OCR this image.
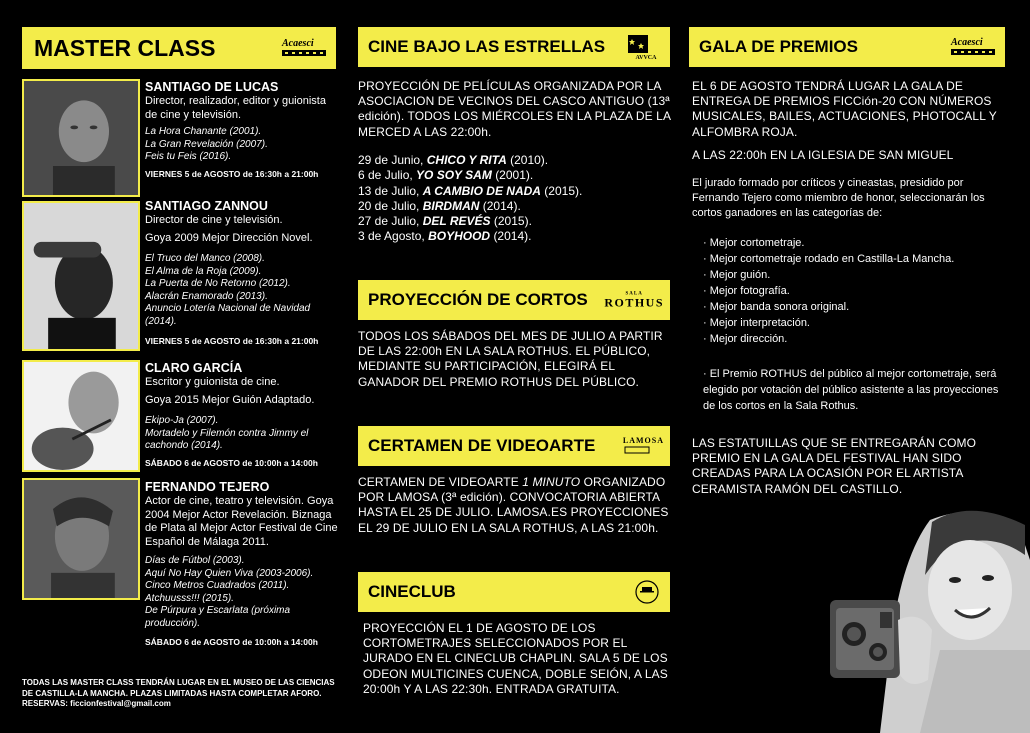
MASTER CLASS	Acaesci
SANTIAGO DE LUCAS
Director, realizador, editor y guionista de cine y televisión.
La Hora Chanante (2001).
La Gran Revelación (2007).
Feis tu Feis (2016).
VIERNES 5 de AGOSTO de 16:30h a 21:00h
SANTIAGO ZANNOU
Director de cine y televisión.
Goya 2009 Mejor Dirección Novel.
El Truco del Manco (2008).
El Alma de la Roja (2009).
La Puerta de No Retorno (2012).
Alacrán Enamorado (2013).
Anuncio Lotería Nacional de Navidad (2014).
VIERNES 5 de AGOSTO de 16:30h a 21:00h
CLARO GARCÍA
Escritor y guionista de cine.
Goya 2015 Mejor Guión Adaptado.
Ekipo-Ja (2007).
Mortadelo y Filemón contra Jimmy el cachondo (2014).
SÁBADO 6 de AGOSTO de 10:00h a 14:00h
FERNANDO TEJERO
Actor de cine, teatro y televisión. Goya 2004 Mejor Actor Revelación. Biznaga de Plata al Mejor Actor Festival de Cine Español de Málaga 2011.
Días de Fútbol (2003).
Aquí No Hay Quien Viva (2003-2006).
Cinco Metros Cuadrados (2011).
Atchuusss!!! (2015).
De Púrpura y Escarlata (próxima producción).
SÁBADO 6 de AGOSTO de 10:00h a 14:00h
TODAS LAS MASTER CLASS TENDRÁN LUGAR EN EL MUSEO DE LAS CIENCIAS DE CASTILLA-LA MANCHA. PLAZAS LIMITADAS HASTA COMPLETAR AFORO. RESERVAS: ficcionfestival@gmail.com
CINE BAJO LAS ESTRELLAS
AVVCA
PROYECCIÓN DE PELÍCULAS ORGANIZADA POR LA ASOCIACION DE VECINOS DEL CASCO ANTIGUO (13ª edición). TODOS LOS MIÉRCOLES EN LA PLAZA DE LA MERCED A LAS 22:00h.
29 de Junio, CHICO Y RITA (2010).
6 de Julio, YO SOY SAM (2001).
13 de Julio, A CAMBIO DE NADA (2015).
20 de Julio, BIRDMAN (2014).
27 de Julio, DEL REVÉS (2015).
3 de Agosto, BOYHOOD (2014).
PROYECCIÓN DE CORTOS	SALA
ROTHUS
TODOS LOS SÁBADOS DEL MES DE JULIO A PARTIR DE LAS 22:00h EN LA SALA ROTHUS. EL PÚBLICO, MEDIANTE SU PARTICIPACIÓN, ELEGIRÁ EL GANADOR DEL PREMIO ROTHUS DEL PÚBLICO.
CERTAMEN DE VIDEOARTE	LAMOSA
CERTAMEN DE VIDEOARTE 1 MINUTO ORGANIZADO POR LAMOSA (3ª edición). CONVOCATORIA ABIERTA HASTA EL 25 DE JULIO. LAMOSA.ES PROYECCIONES EL 29 DE JULIO EN LA SALA ROTHUS, A LAS 21:00h.
CINECLUB
PROYECCIÓN EL 1 DE AGOSTO DE LOS CORTOMETRAJES SELECCIONADOS POR EL JURADO EN EL CINECLUB CHAPLIN. SALA 5 DE LOS ODEON MULTICINES CUENCA, DOBLE SEIÓN, A LAS 20:00h Y A LAS 22:30h. ENTRADA GRATUITA.
GALA DE PREMIOS	Acaesci
EL 6 DE AGOSTO TENDRÁ LUGAR LA GALA DE ENTREGA DE PREMIOS FICCión-20 CON NÚMEROS MUSICALES, BAILES, ACTUACIONES, PHOTOCALL Y ALFOMBRA ROJA.
A LAS 22:00h EN LA IGLESIA DE SAN MIGUEL
El jurado formado por críticos y cineastas, presidido por Fernando Tejero como miembro de honor, seleccionarán los cortos ganadores en las categorías de:
· Mejor cortometraje.
· Mejor cortometraje rodado en Castilla-La Mancha.
· Mejor guión.
· Mejor fotografía.
· Mejor banda sonora original.
· Mejor interpretación.
· Mejor dirección.
· El Premio ROTHUS del público al mejor cortometraje, será elegido por votación del público asistente a las proyecciones de los cortos en la Sala Rothus.
LAS ESTATUILLAS QUE SE ENTREGARÁN COMO PREMIO EN LA GALA DEL FESTIVAL HAN SIDO CREADAS PARA LA OCASIÓN POR EL ARTISTA CERAMISTA RAMÓN DEL CASTILLO.
